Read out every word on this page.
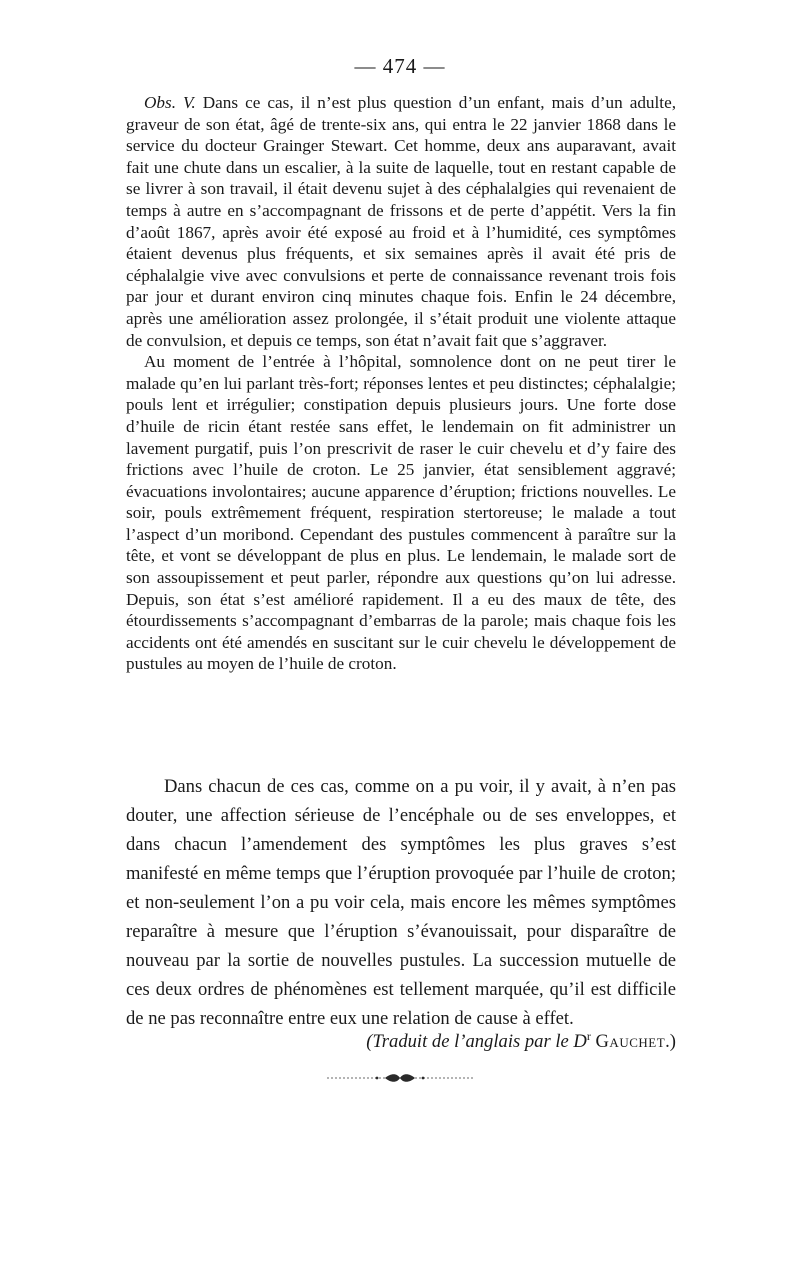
— 474 —

Obs. V. Dans ce cas, il n’est plus question d’un enfant, mais d’un adulte, graveur de son état, âgé de trente-six ans, qui entra le 22 janvier 1868 dans le service du docteur Grainger Stewart. Cet homme, deux ans auparavant, avait fait une chute dans un escalier, à la suite de laquelle, tout en restant capable de se livrer à son travail, il était devenu sujet à des céphalalgies qui revenaient de temps à autre en s’accompagnant de frissons et de perte d’appétit. Vers la fin d’août 1867, après avoir été exposé au froid et à l’humidité, ces symptômes étaient devenus plus fréquents, et six semaines après il avait été pris de céphalalgie vive avec convulsions et perte de connaissance revenant trois fois par jour et durant environ cinq minutes chaque fois. Enfin le 24 décembre, après une amélioration assez prolongée, il s’était produit une violente attaque de convulsion, et depuis ce temps, son état n’avait fait que s’aggraver.

Au moment de l’entrée à l’hôpital, somnolence dont on ne peut tirer le malade qu’en lui parlant très-fort; réponses lentes et peu distinctes; céphalalgie; pouls lent et irrégulier; constipation depuis plusieurs jours. Une forte dose d’huile de ricin étant restée sans effet, le lendemain on fit administrer un lavement purgatif, puis l’on prescrivit de raser le cuir chevelu et d’y faire des frictions avec l’huile de croton. Le 25 janvier, état sensiblement aggravé; évacuations involontaires; aucune apparence d’éruption; frictions nouvelles. Le soir, pouls extrêmement fréquent, respiration stertoreuse; le malade a tout l’aspect d’un moribond. Cependant des pustules commencent à paraître sur la tête, et vont se développant de plus en plus. Le lendemain, le malade sort de son assoupissement et peut parler, répondre aux questions qu’on lui adresse. Depuis, son état s’est amélioré rapidement. Il a eu des maux de tête, des étourdissements s’accompagnant d’embarras de la parole; mais chaque fois les accidents ont été amendés en suscitant sur le cuir chevelu le développement de pustules au moyen de l’huile de croton.

Dans chacun de ces cas, comme on a pu voir, il y avait, à n’en pas douter, une affection sérieuse de l’encéphale ou de ses enveloppes, et dans chacun l’amendement des symptômes les plus graves s’est manifesté en même temps que l’éruption provoquée par l’huile de croton; et non-seulement l’on a pu voir cela, mais encore les mêmes symptômes reparaître à mesure que l’éruption s’évanouissait, pour disparaître de nouveau par la sortie de nouvelles pustules. La succession mutuelle de ces deux ordres de phénomènes est tellement marquée, qu’il est difficile de ne pas reconnaître entre eux une relation de cause à effet.

(Traduit de l’anglais par le $D^r$ Gauchet.)
